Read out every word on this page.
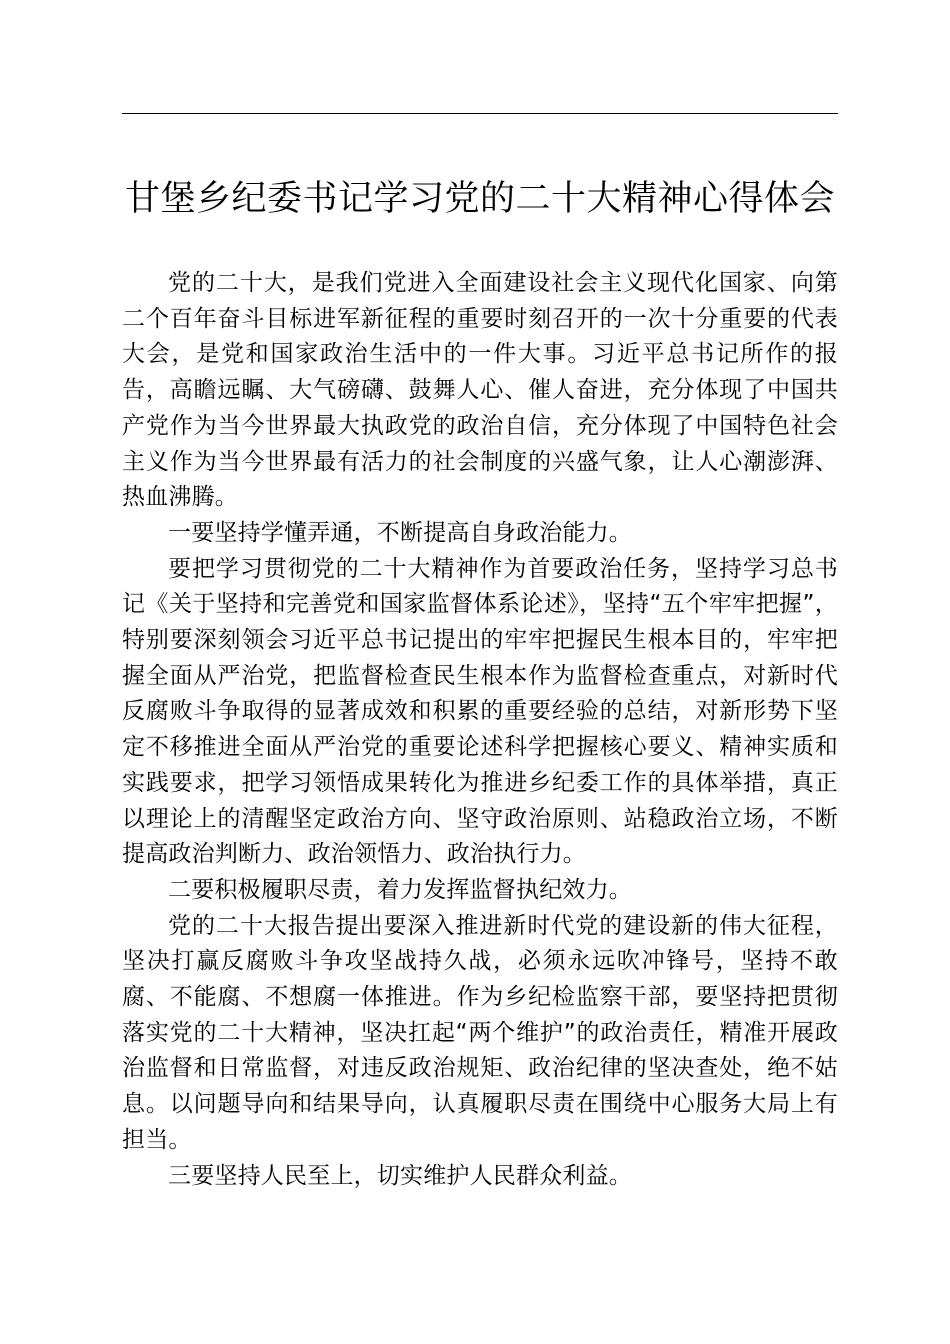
甘堡乡纪委书记学习党的二十大精神心得体会

党的二十大，是我们党进入全面建设社会主义现代化国家、向第二个百年奋斗目标进军新征程的重要时刻召开的一次十分重要的代表大会，是党和国家政治生活中的一件大事。习近平总书记所作的报告，高瞻远瞩、大气磅礴、鼓舞人心、催人奋进，充分体现了中国共产党作为当今世界最大执政党的政治自信，充分体现了中国特色社会主义作为当今世界最有活力的社会制度的兴盛气象，让人心潮澎湃、热血沸腾。

一要坚持学懂弄通，不断提高自身政治能力。

要把学习贯彻党的二十大精神作为首要政治任务，坚持学习总书记《关于坚持和完善党和国家监督体系论述》，坚持“五个牢牢把握”，特别要深刻领会习近平总书记提出的牢牢把握民生根本目的，牢牢把握全面从严治党，把监督检查民生根本作为监督检查重点，对新时代反腐败斗争取得的显著成效和积累的重要经验的总结，对新形势下坚定不移推进全面从严治党的重要论述科学把握核心要义、精神实质和实践要求，把学习领悟成果转化为推进乡纪委工作的具体举措，真正以理论上的清醒坚定政治方向、坚守政治原则、站稳政治立场，不断提高政治判断力、政治领悟力、政治执行力。

二要积极履职尽责，着力发挥监督执纪效力。

党的二十大报告提出要深入推进新时代党的建设新的伟大征程，坚决打赢反腐败斗争攻坚战持久战，必须永远吹冲锋号，坚持不敢腐、不能腐、不想腐一体推进。作为乡纪检监察干部，要坚持把贯彻落实党的二十大精神，坚决扛起“两个维护”的政治责任，精准开展政治监督和日常监督，对违反政治规矩、政治纪律的坚决查处，绝不姑息。以问题导向和结果导向，认真履职尽责在围绕中心服务大局上有担当。

三要坚持人民至上，切实维护人民群众利益。
